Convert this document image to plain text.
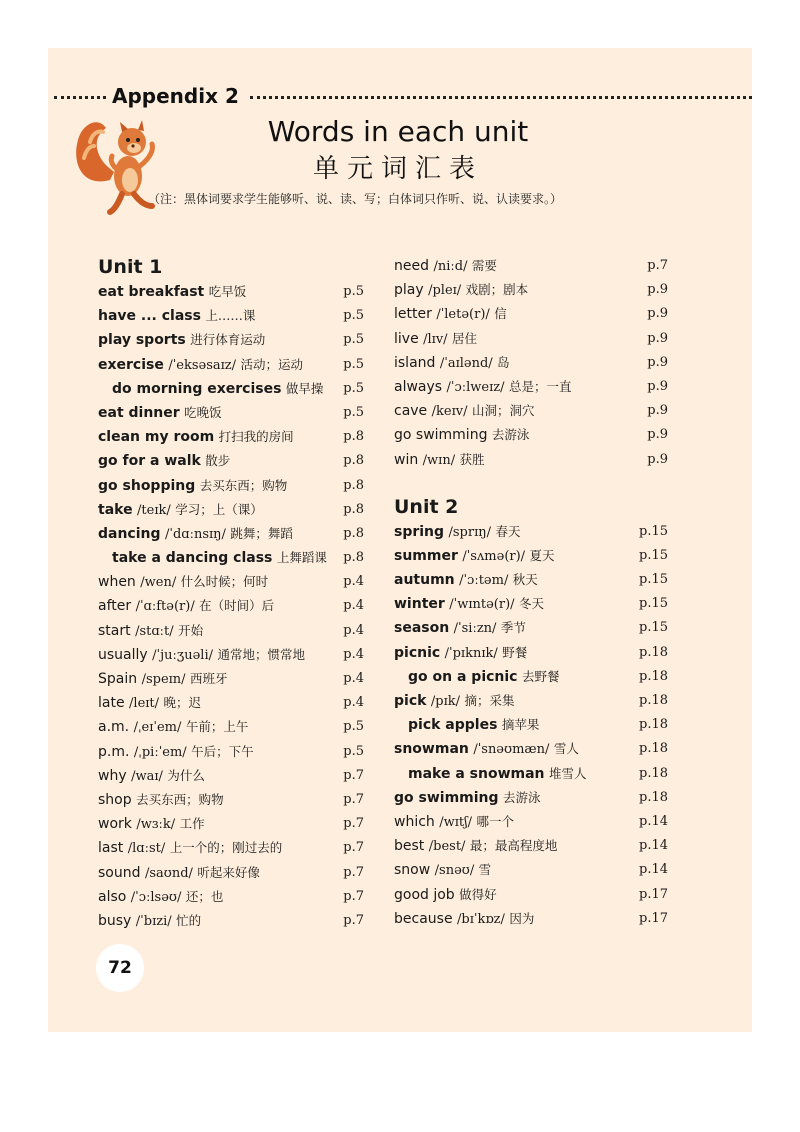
Appendix 2
Words in each unit
单元词汇表
（注：黑体词要求学生能够听、说、读、写；白体词只作听、说、认读要求。）
Unit 1
eat breakfast 吃早饭	p.5
have ... class 上……课	p.5
play sports 进行体育运动	p.5
exercise /ˈeksəsaɪz/ 活动；运动	p.5
do morning exercises 做早操 p.5
eat dinner 吃晚饭	p.5
clean my room 打扫我的房间	p.8
go for a walk 散步	p.8
go shopping 去买东西；购物	p.8
take /teɪk/ 学习；上（课）	p.8
dancing /ˈdɑːnsɪŋ/ 跳舞；舞蹈	p.8
take a dancing class 上舞蹈课 p.8
when /wen/ 什么时候；何时	p.4
after /ˈɑːftə(r)/ 在（时间）后	p.4
start /stɑːt/ 开始	p.4
usually /ˈjuːʒuəli/ 通常地；惯常地	p.4
Spain /speɪn/ 西班牙	p.4
late /leɪt/ 晚；迟	p.4
a.m. /ˌeɪˈem/ 午前；上午	p.5
p.m. /ˌpiːˈem/ 午后；下午	p.5
why /waɪ/ 为什么	p.7
shop 去买东西；购物	p.7
work /wɜːk/ 工作	p.7
last /lɑːst/ 上一个的；刚过去的	p.7
sound /saʊnd/ 听起来好像	p.7
also /ˈɔːlsəʊ/ 还；也	p.7
busy /ˈbɪzi/ 忙的	p.7
need /niːd/ 需要	p.7
play /pleɪ/ 戏剧；剧本	p.9
letter /ˈletə(r)/ 信	p.9
live /lɪv/ 居住	p.9
island /ˈaɪlənd/ 岛	p.9
always /ˈɔːlweɪz/ 总是；一直	p.9
cave /keɪv/ 山洞；洞穴	p.9
go swimming 去游泳	p.9
win /wɪn/ 获胜	p.9
Unit 2
spring /sprɪŋ/ 春天	p.15
summer /ˈsʌmə(r)/ 夏天	p.15
autumn /ˈɔːtəm/ 秋天	p.15
winter /ˈwɪntə(r)/ 冬天	p.15
season /ˈsiːzn/ 季节	p.15
picnic /ˈpɪknɪk/ 野餐	p.18
go on a picnic 去野餐	p.18
pick /pɪk/ 摘；采集	p.18
pick apples 摘苹果	p.18
snowman /ˈsnəʊmæn/ 雪人	p.18
make a snowman 堆雪人	p.18
go swimming 去游泳	p.18
which /wɪtʃ/ 哪一个	p.14
best /best/ 最；最高程度地	p.14
snow /snəʊ/ 雪	p.14
good job 做得好	p.17
because /bɪˈkɒz/ 因为	p.17
72
